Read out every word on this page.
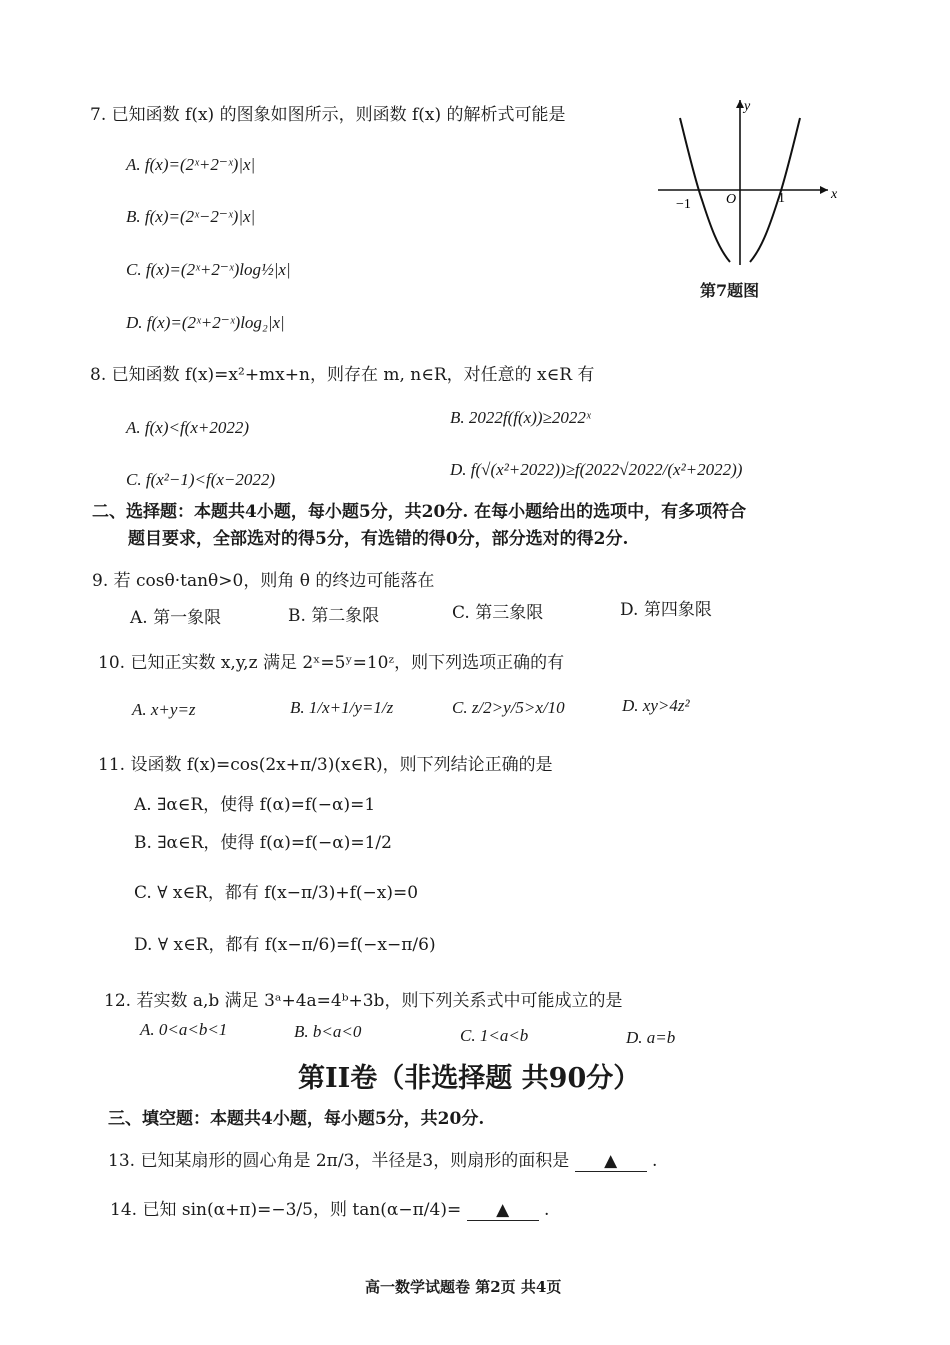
7. 已知函数 f(x) 的图象如图所示，则函数 f(x) 的解析式可能是
A. f(x)=(2ˣ+2⁻ˣ)|x|
B. f(x)=(2ˣ−2⁻ˣ)|x|
C. f(x)=(2ˣ+2⁻ˣ)log½|x|
D. f(x)=(2ˣ+2⁻ˣ)log₂|x|
x
y
O
−1	1
第7题图
8. 已知函数 f(x)=x²+mx+n，则存在 m, n∈R，对任意的 x∈R 有
A. f(x)<f(x+2022)
B. 2022f(f(x))≥2022ˣ
C. f(x²−1)<f(x−2022)
D. f(√(x²+2022))≥f(2022√2022/(x²+2022))
二、选择题：本题共4小题，每小题5分，共20分. 在每小题给出的选项中，有多项符合
题目要求，全部选对的得5分，有选错的得0分，部分选对的得2分.
9. 若 cosθ·tanθ>0，则角 θ 的终边可能落在
A. 第一象限	B. 第二象限	C. 第三象限	D. 第四象限
10. 已知正实数 x,y,z 满足 2ˣ=5ʸ=10ᶻ，则下列选项正确的有
A. x+y=z	B. 1/x+1/y=1/z	C. z/2>y/5>x/10	D. xy>4z²
11. 设函数 f(x)=cos(2x+π/3)(x∈R)，则下列结论正确的是
A. ∃α∈R，使得 f(α)=f(−α)=1
B. ∃α∈R，使得 f(α)=f(−α)=1/2
C. ∀ x∈R，都有 f(x−π/3)+f(−x)=0
D. ∀ x∈R，都有 f(x−π/6)=f(−x−π/6)
12. 若实数 a,b 满足 3ᵃ+4a=4ᵇ+3b，则下列关系式中可能成立的是
A. 0<a<b<1	B. b<a<0	C. 1<a<b	D. a=b
第II卷（非选择题 共90分）
三、填空题：本题共4小题，每小题5分，共20分.
13. 已知某扇形的圆心角是 2π/3，半径是3，则扇形的面积是 ▲ .
14. 已知 sin(α+π)=−3/5，则 tan(α−π/4)= ▲ .
高一数学试题卷 第2页 共4页
